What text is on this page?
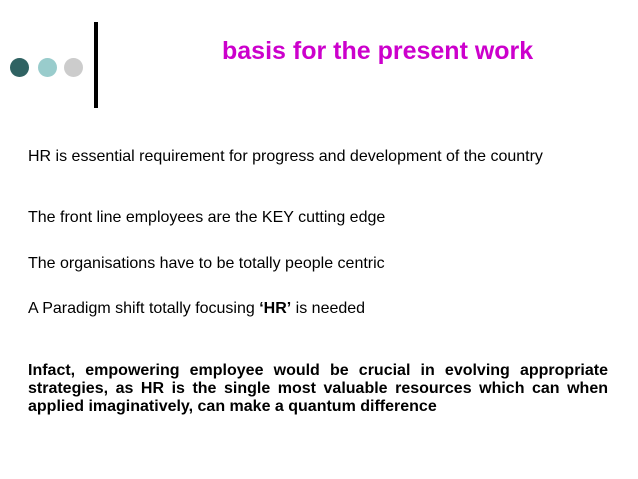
basis for the present work

HR is essential requirement for progress and development of the country

The front line employees are the KEY cutting edge

The organisations have to be totally people centric

A Paradigm shift totally focusing ‘HR’ is needed

Infact, empowering employee would be crucial in evolving appropriate strategies, as HR is the single most valuable resources which can when applied imaginatively, can make a quantum difference
